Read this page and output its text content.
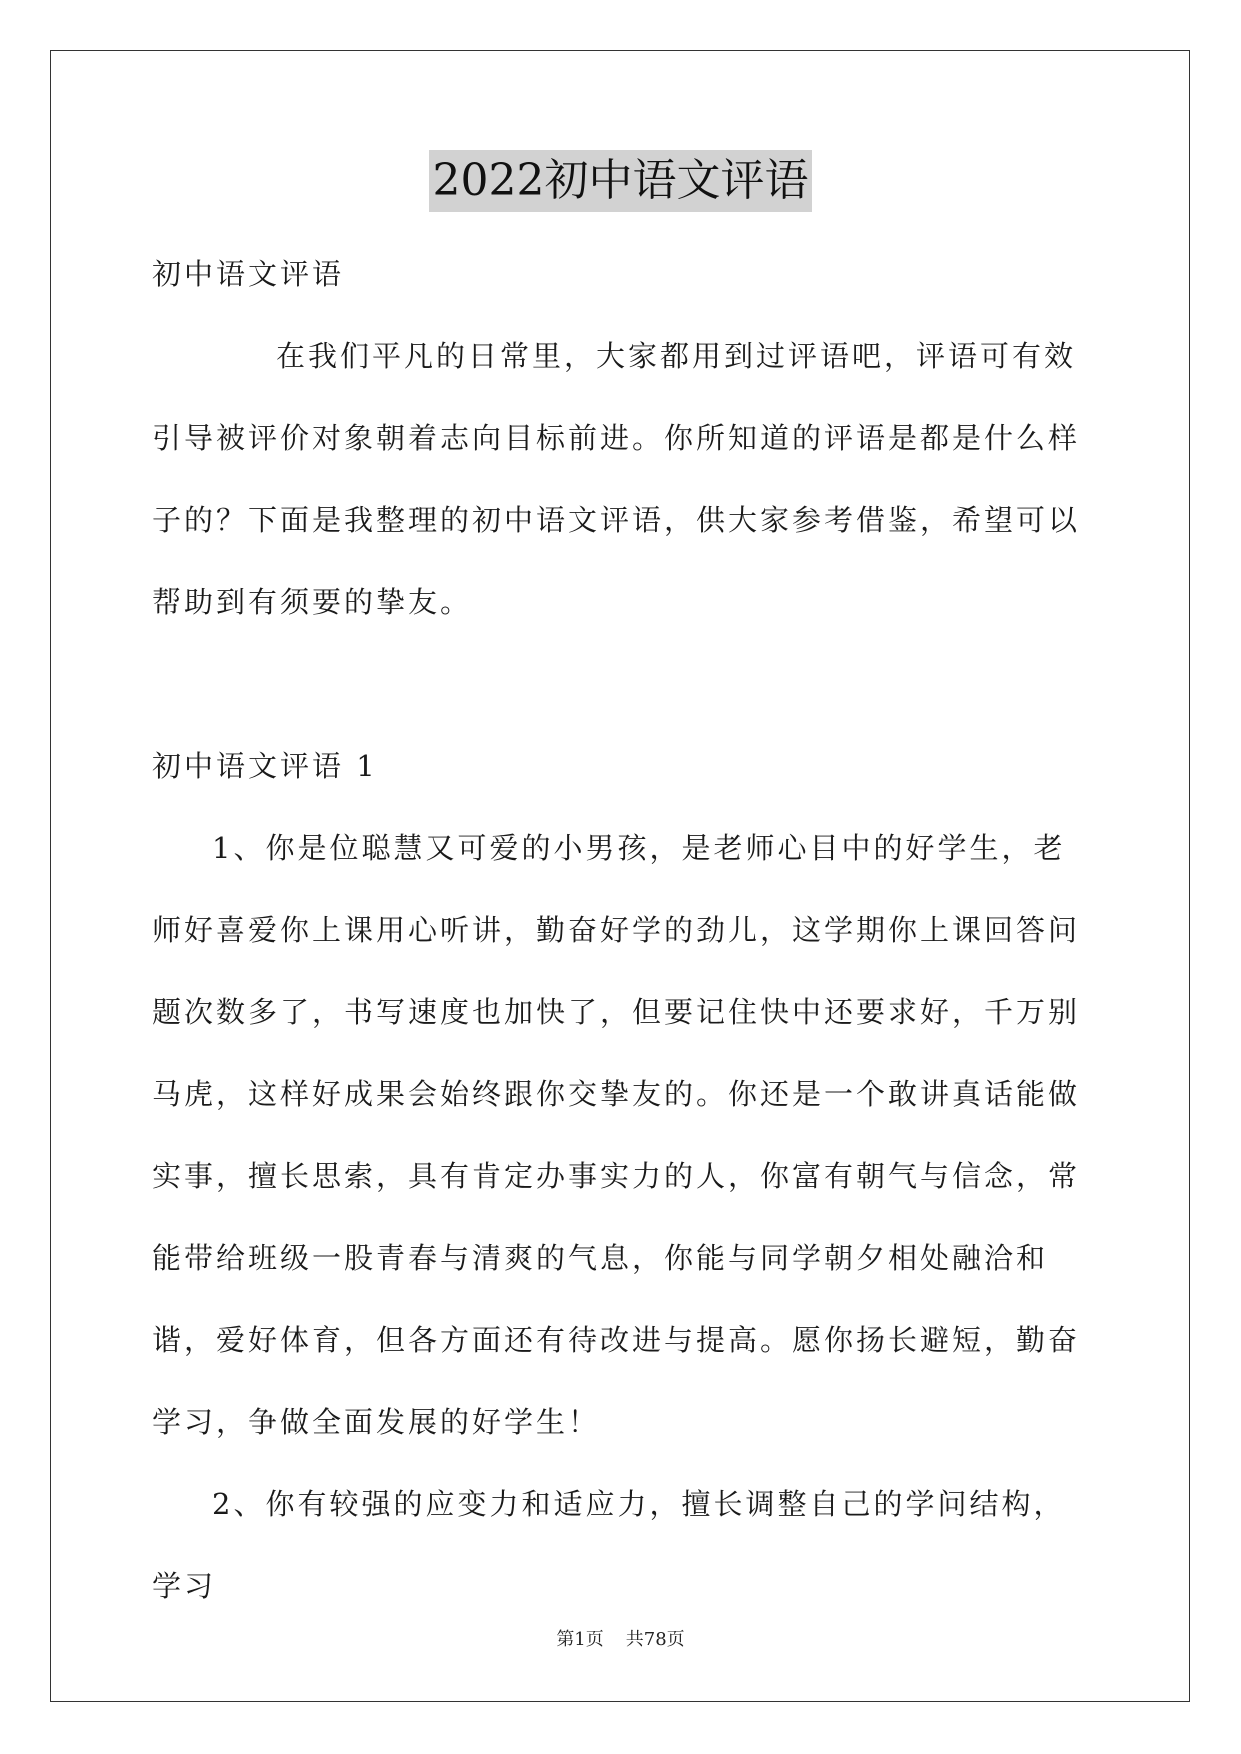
2022初中语文评语

初中语文评语

在我们平凡的日常里，大家都用到过评语吧，评语可有效引导被评价对象朝着志向目标前进。你所知道的评语是都是什么样子的？下面是我整理的初中语文评语，供大家参考借鉴，希望可以帮助到有须要的挚友。

初中语文评语 1

1、你是位聪慧又可爱的小男孩，是老师心目中的好学生，老师好喜爱你上课用心听讲，勤奋好学的劲儿，这学期你上课回答问题次数多了，书写速度也加快了，但要记住快中还要求好，千万别马虎，这样好成果会始终跟你交挚友的。你还是一个敢讲真话能做实事，擅长思索，具有肯定办事实力的人，你富有朝气与信念，常能带给班级一股青春与清爽的气息，你能与同学朝夕相处融洽和谐，爱好体育，但各方面还有待改进与提高。愿你扬长避短，勤奋学习，争做全面发展的好学生！

2、你有较强的应变力和适应力，擅长调整自己的学问结构，学习

第1页 共78页
